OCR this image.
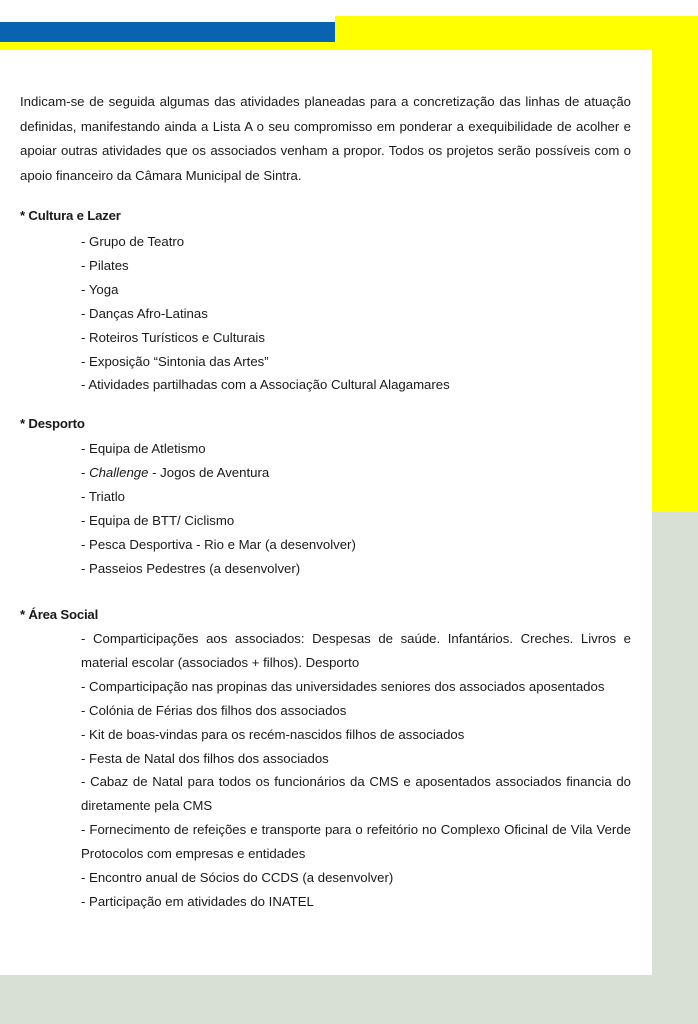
Indicam-se de seguida algumas das atividades planeadas para a concretização das linhas de atuação definidas, manifestando ainda a Lista A o seu compromisso em ponderar a exequibilidade de acolher e apoiar outras atividades que os associados venham a propor. Todos os projetos serão possíveis com o apoio financeiro da Câmara Municipal de Sintra.

* Cultura e Lazer

- Grupo de Teatro
- Pilates
- Yoga
- Danças Afro-Latinas
- Roteiros Turísticos e Culturais
- Exposição “Sintonia das Artes”
- Atividades partilhadas com a Associação Cultural Alagamares

* Desporto

- Equipa de Atletismo
- Challenge - Jogos de Aventura
- Triatlo
- Equipa de BTT/ Ciclismo
- Pesca Desportiva - Rio e Mar (a desenvolver)
- Passeios Pedestres (a desenvolver)

* Área Social

- Comparticipações aos associados: Despesas de saúde. Infantários. Creches. Livros e material escolar (associados + filhos). Desporto
- Comparticipação nas propinas das universidades seniores dos associados aposentados
- Colónia de Férias dos filhos dos associados
- Kit de boas-vindas para os recém-nascidos filhos de associados
- Festa de Natal dos filhos dos associados
- Cabaz de Natal para todos os funcionários da CMS e aposentados associados financia do diretamente pela CMS
- Fornecimento de refeições e transporte para o refeitório no Complexo Oficinal de Vila Verde Protocolos com empresas e entidades
- Encontro anual de Sócios do CCDS (a desenvolver)
- Participação em atividades do INATEL
